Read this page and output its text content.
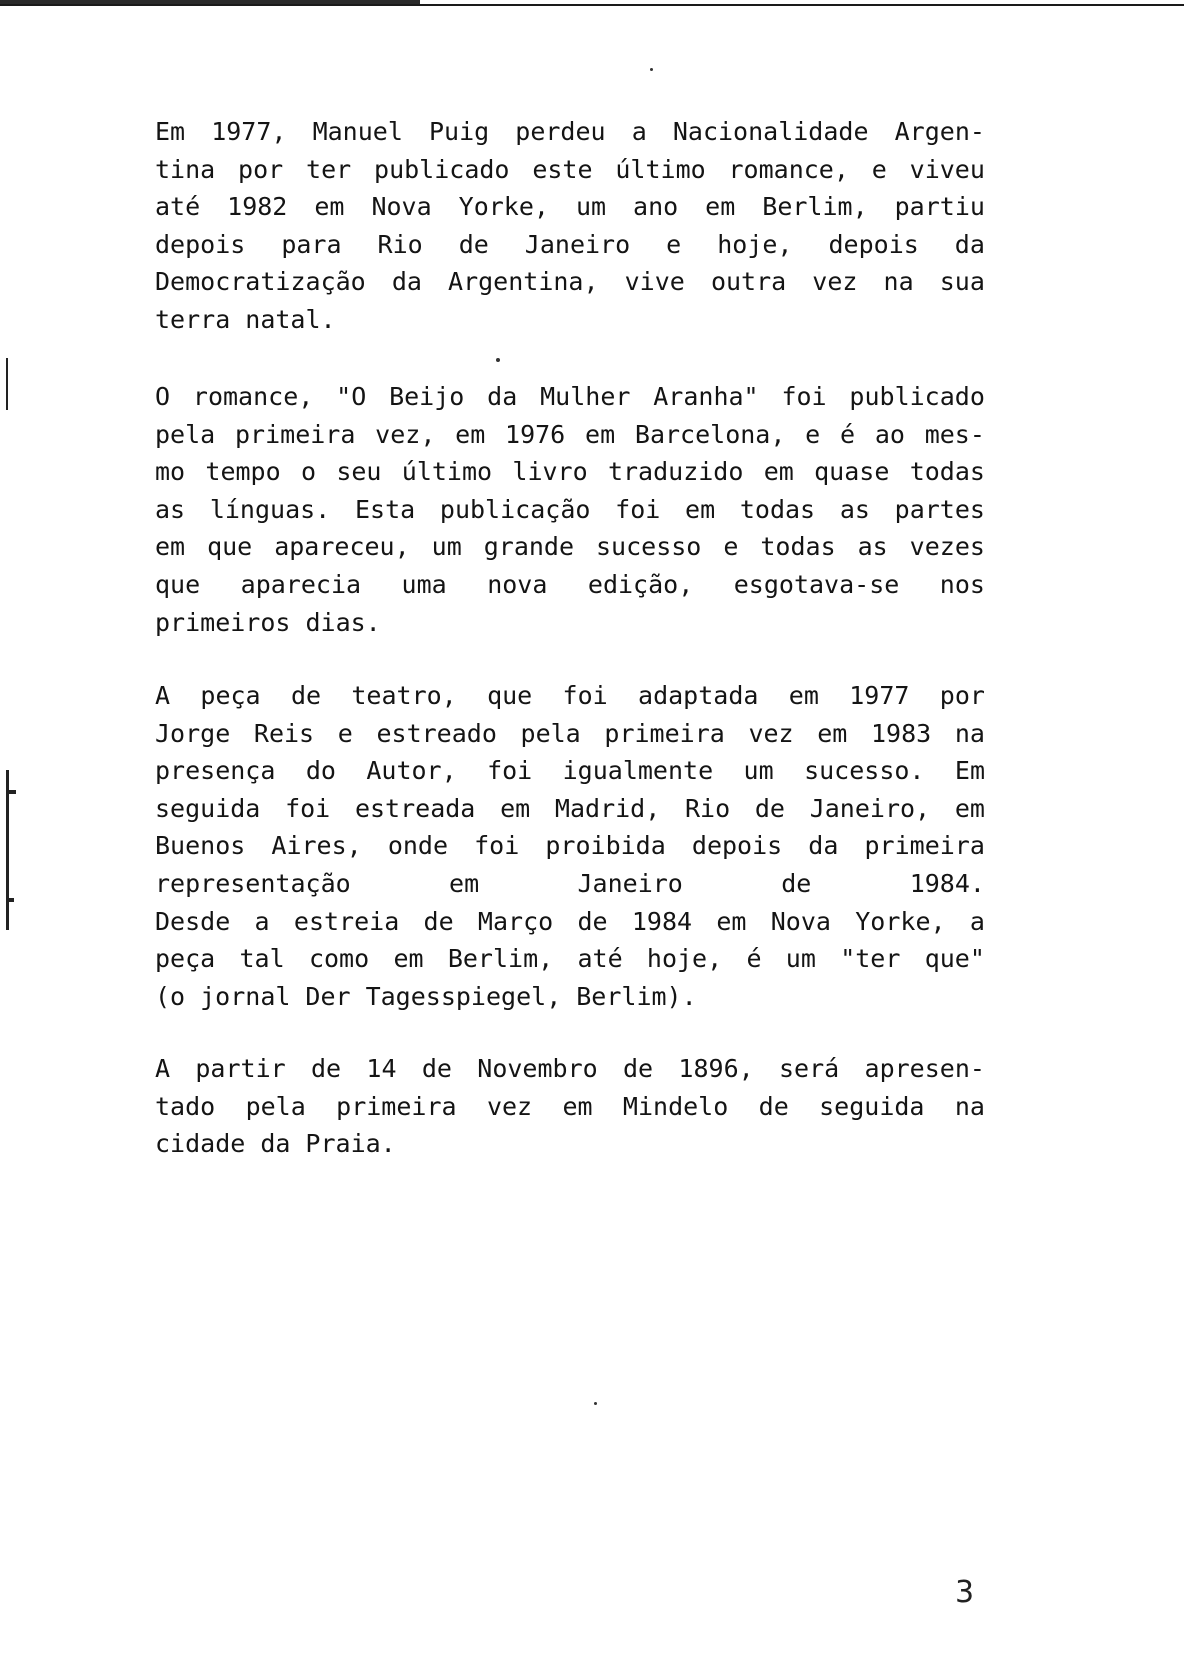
Em 1977, Manuel Puig perdeu a Nacionalidade Argen-
tina por ter publicado este último romance, e viveu
até 1982 em Nova Yorke, um ano em Berlim, partiu
depois para Rio de Janeiro e hoje, depois da
Democratização da Argentina, vive outra vez na sua
terra natal.
O romance, "O Beijo da Mulher Aranha" foi publicado
pela primeira vez, em 1976 em Barcelona, e é ao mes-
mo tempo o seu último livro traduzido em quase todas
as línguas. Esta publicação foi em todas as partes
em que apareceu, um grande sucesso e todas as vezes
que aparecia uma nova edição, esgotava-se nos
primeiros dias.
A peça de teatro, que foi adaptada em 1977 por
Jorge Reis e estreado pela primeira vez em 1983 na
presença do Autor, foi igualmente um sucesso. Em
seguida foi estreada em Madrid, Rio de Janeiro, em
Buenos Aires, onde foi proibida depois da primeira
representação	em	Janeiro	de	1984.
Desde a estreia de Março de 1984 em Nova Yorke, a
peça tal como em Berlim, até hoje, é um "ter que"
(o jornal Der Tagesspiegel, Berlim).
A partir de 14 de Novembro de 1896, será apresen-
tado pela primeira vez em Mindelo de seguida na
cidade da Praia.
3
